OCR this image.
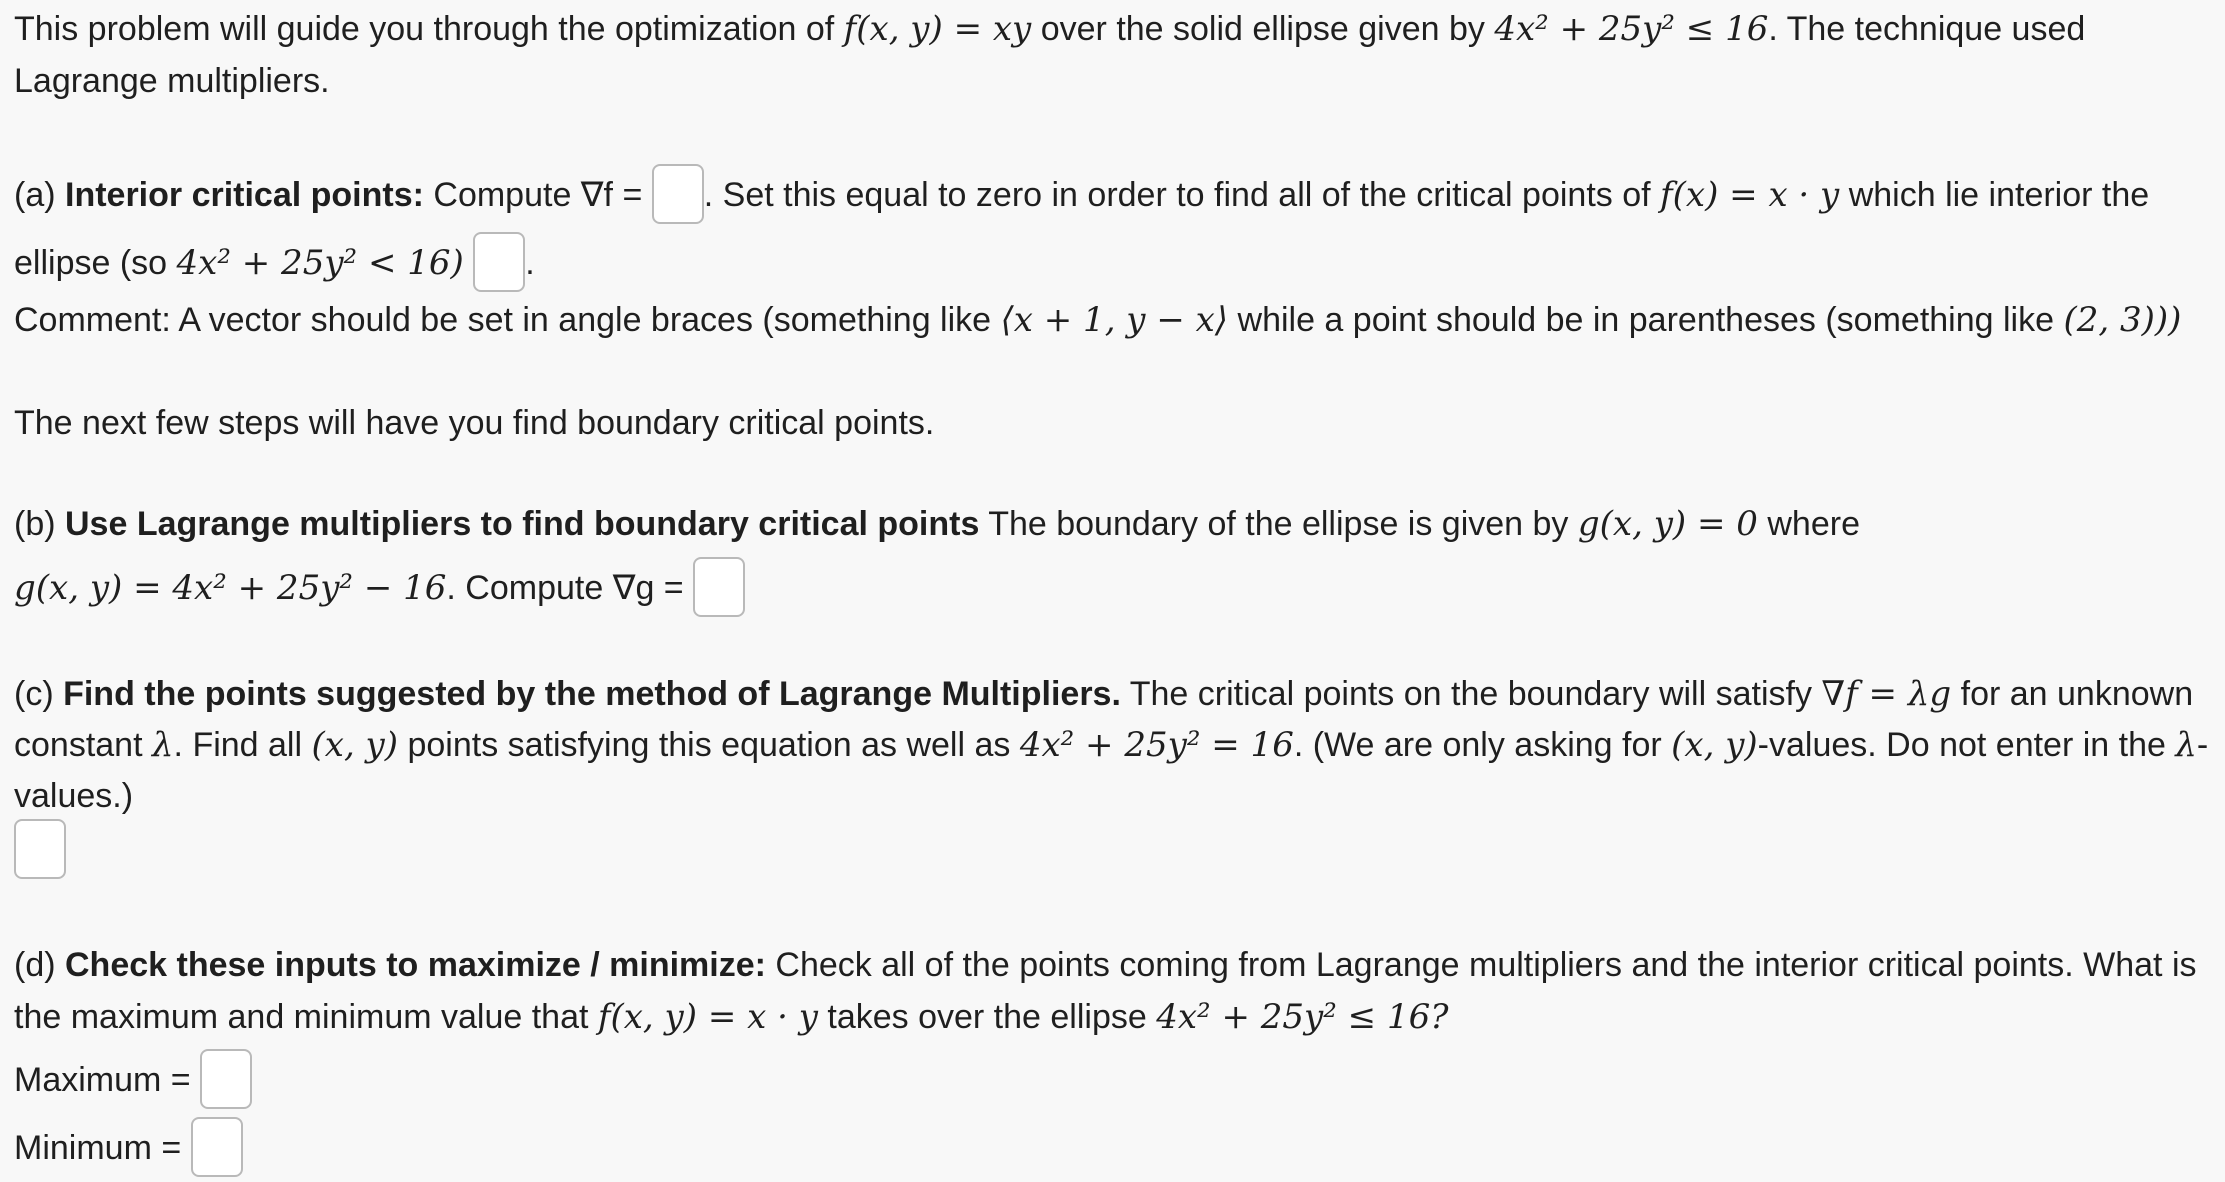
This problem will guide you through the optimization of f(x, y) = xy over the solid ellipse given by 4x² + 25y² ≤ 16. The technique used
Lagrange multipliers.
(a) Interior critical points: Compute ∇f = . Set this equal to zero in order to find all of the critical points of f(x) = x · y which lie interior the
ellipse (so 4x² + 25y² < 16) .
Comment: A vector should be set in angle braces (something like ⟨x + 1, y − x⟩ while a point should be in parentheses (something like (2, 3)))
The next few steps will have you find boundary critical points.
(b) Use Lagrange multipliers to find boundary critical points The boundary of the ellipse is given by g(x, y) = 0 where
g(x, y) = 4x² + 25y² − 16. Compute ∇g =
(c) Find the points suggested by the method of Lagrange Multipliers. The critical points on the boundary will satisfy ∇f = λg for an unknown
constant λ. Find all (x, y) points satisfying this equation as well as 4x² + 25y² = 16. (We are only asking for (x, y)-values. Do not enter in the λ-
values.)
(d) Check these inputs to maximize / minimize: Check all of the points coming from Lagrange multipliers and the interior critical points. What is
the maximum and minimum value that f(x, y) = x · y takes over the ellipse 4x² + 25y² ≤ 16?
Maximum =
Minimum =
